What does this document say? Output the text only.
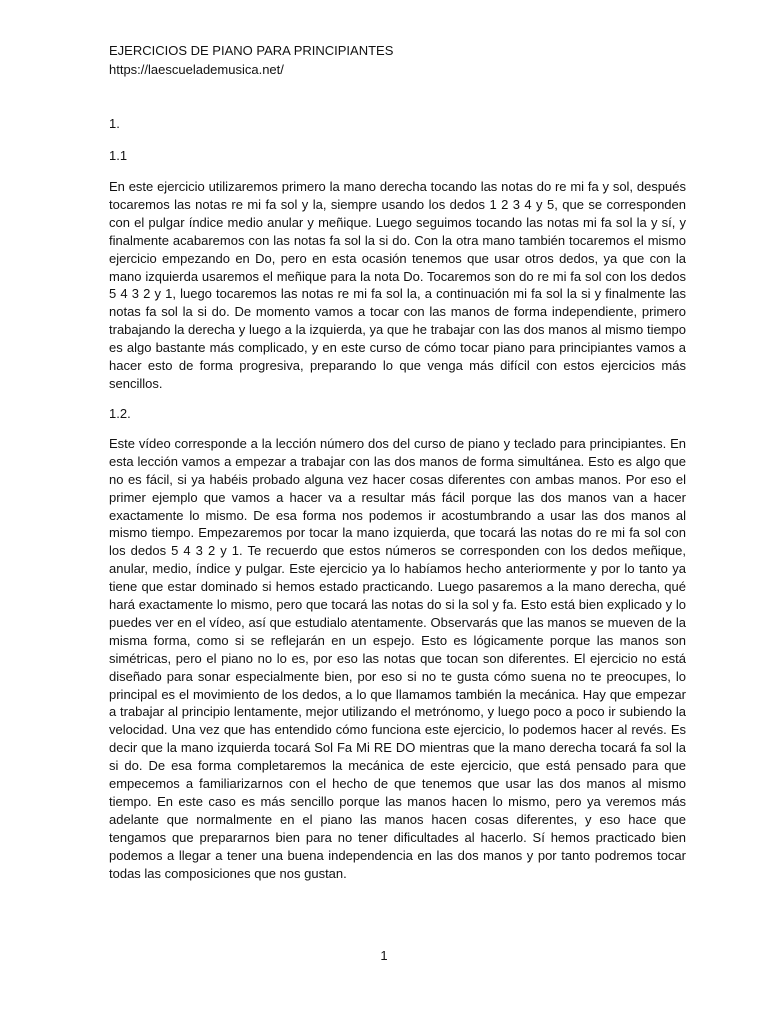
EJERCICIOS DE PIANO PARA PRINCIPIANTES

https://laescuelademusica.net/

1.

1.1

En este ejercicio utilizaremos primero la mano derecha tocando las notas do re mi fa y sol, después tocaremos las notas re mi fa sol y la, siempre usando los dedos 1 2 3 4 y 5, que se corresponden con el pulgar índice medio anular y meñique. Luego seguimos tocando las notas mi fa sol la y sí, y finalmente acabaremos con las notas fa sol la si do. Con la otra mano también tocaremos el mismo ejercicio empezando en Do, pero en esta ocasión tenemos que usar otros dedos, ya que con la mano izquierda usaremos el meñique para la nota Do. Tocaremos son do re mi fa sol con los dedos 5 4 3 2 y 1, luego tocaremos las notas re mi fa sol la, a continuación mi fa sol la si y finalmente las notas fa sol la si do. De momento vamos a tocar con las manos de forma independiente, primero trabajando la derecha y luego a la izquierda, ya que he trabajar con las dos manos al mismo tiempo es algo bastante más complicado, y en este curso de cómo tocar piano para principiantes vamos a hacer esto de forma progresiva, preparando lo que venga más difícil con estos ejercicios más sencillos.

1.2.

Este vídeo corresponde a la lección número dos del curso de piano y teclado para principiantes. En esta lección vamos a empezar a trabajar con las dos manos de forma simultánea. Esto es algo que no es fácil, si ya habéis probado alguna vez hacer cosas diferentes con ambas manos. Por eso el primer ejemplo que vamos a hacer va a resultar más fácil porque las dos manos van a hacer exactamente lo mismo. De esa forma nos podemos ir acostumbrando a usar las dos manos al mismo tiempo. Empezaremos por tocar la mano izquierda, que tocará las notas do re mi fa sol con los dedos 5 4 3 2 y 1. Te recuerdo que estos números se corresponden con los dedos meñique, anular, medio, índice y pulgar. Este ejercicio ya lo habíamos hecho anteriormente y por lo tanto ya tiene que estar dominado si hemos estado practicando. Luego pasaremos a la mano derecha, qué hará exactamente lo mismo, pero que tocará las notas do si la sol y fa. Esto está bien explicado y lo puedes ver en el vídeo, así que estudialo atentamente. Observarás que las manos se mueven de la misma forma, como si se reflejarán en un espejo. Esto es lógicamente porque las manos son simétricas, pero el piano no lo es, por eso las notas que tocan son diferentes. El ejercicio no está diseñado para sonar especialmente bien, por eso si no te gusta cómo suena no te preocupes, lo principal es el movimiento de los dedos, a lo que llamamos también la mecánica. Hay que empezar a trabajar al principio lentamente, mejor utilizando el metrónomo, y luego poco a poco ir subiendo la velocidad. Una vez que has entendido cómo funciona este ejercicio, lo podemos hacer al revés. Es decir que la mano izquierda tocará Sol Fa Mi RE DO mientras que la mano derecha tocará fa sol la si do. De esa forma completaremos la mecánica de este ejercicio, que está pensado para que empecemos a familiarizarnos con el hecho de que tenemos que usar las dos manos al mismo tiempo. En este caso es más sencillo porque las manos hacen lo mismo, pero ya veremos más adelante que normalmente en el piano las manos hacen cosas diferentes, y eso hace que tengamos que prepararnos bien para no tener dificultades al hacerlo. Sí hemos practicado bien podemos a llegar a tener una buena independencia en las dos manos y por tanto podremos tocar todas las composiciones que nos gustan.

1
